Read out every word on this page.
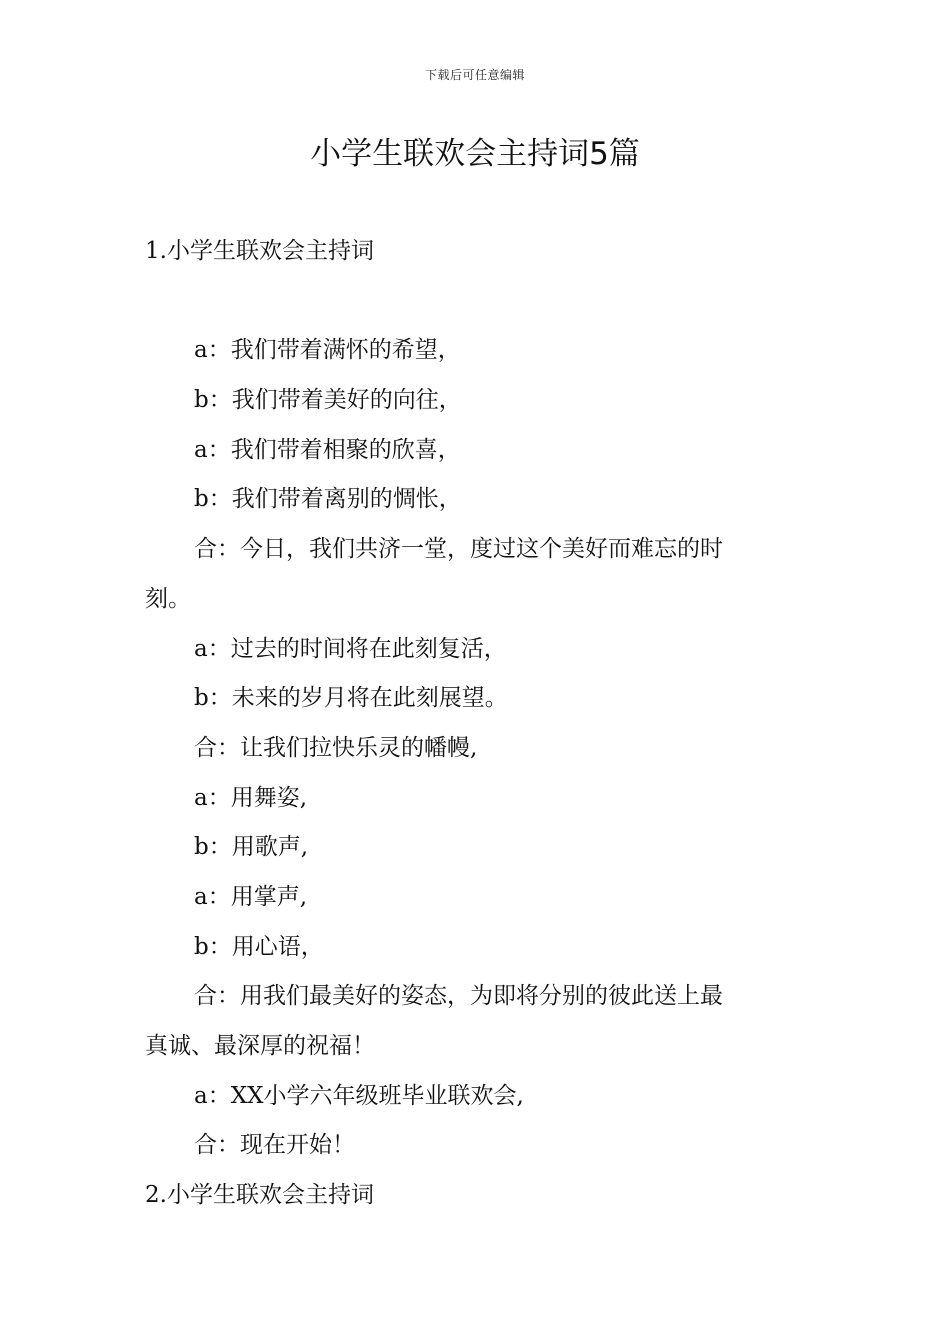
下载后可任意编辑
小学生联欢会主持词5篇

1.小学生联欢会主持词

a：我们带着满怀的希望，

b：我们带着美好的向往，

a：我们带着相聚的欣喜，

b：我们带着离别的惆怅，

合：今日，我们共济一堂，度过这个美好而难忘的时

刻。

a：过去的时间将在此刻复活，

b：未来的岁月将在此刻展望。

合：让我们拉快乐灵的幡幔,

a：用舞姿,

b：用歌声,

a：用掌声,

b：用心语，

合：用我们最美好的姿态，为即将分别的彼此送上最

真诚、最深厚的祝福！

a：XX小学六年级班毕业联欢会,

合：现在开始！

2.小学生联欢会主持词
